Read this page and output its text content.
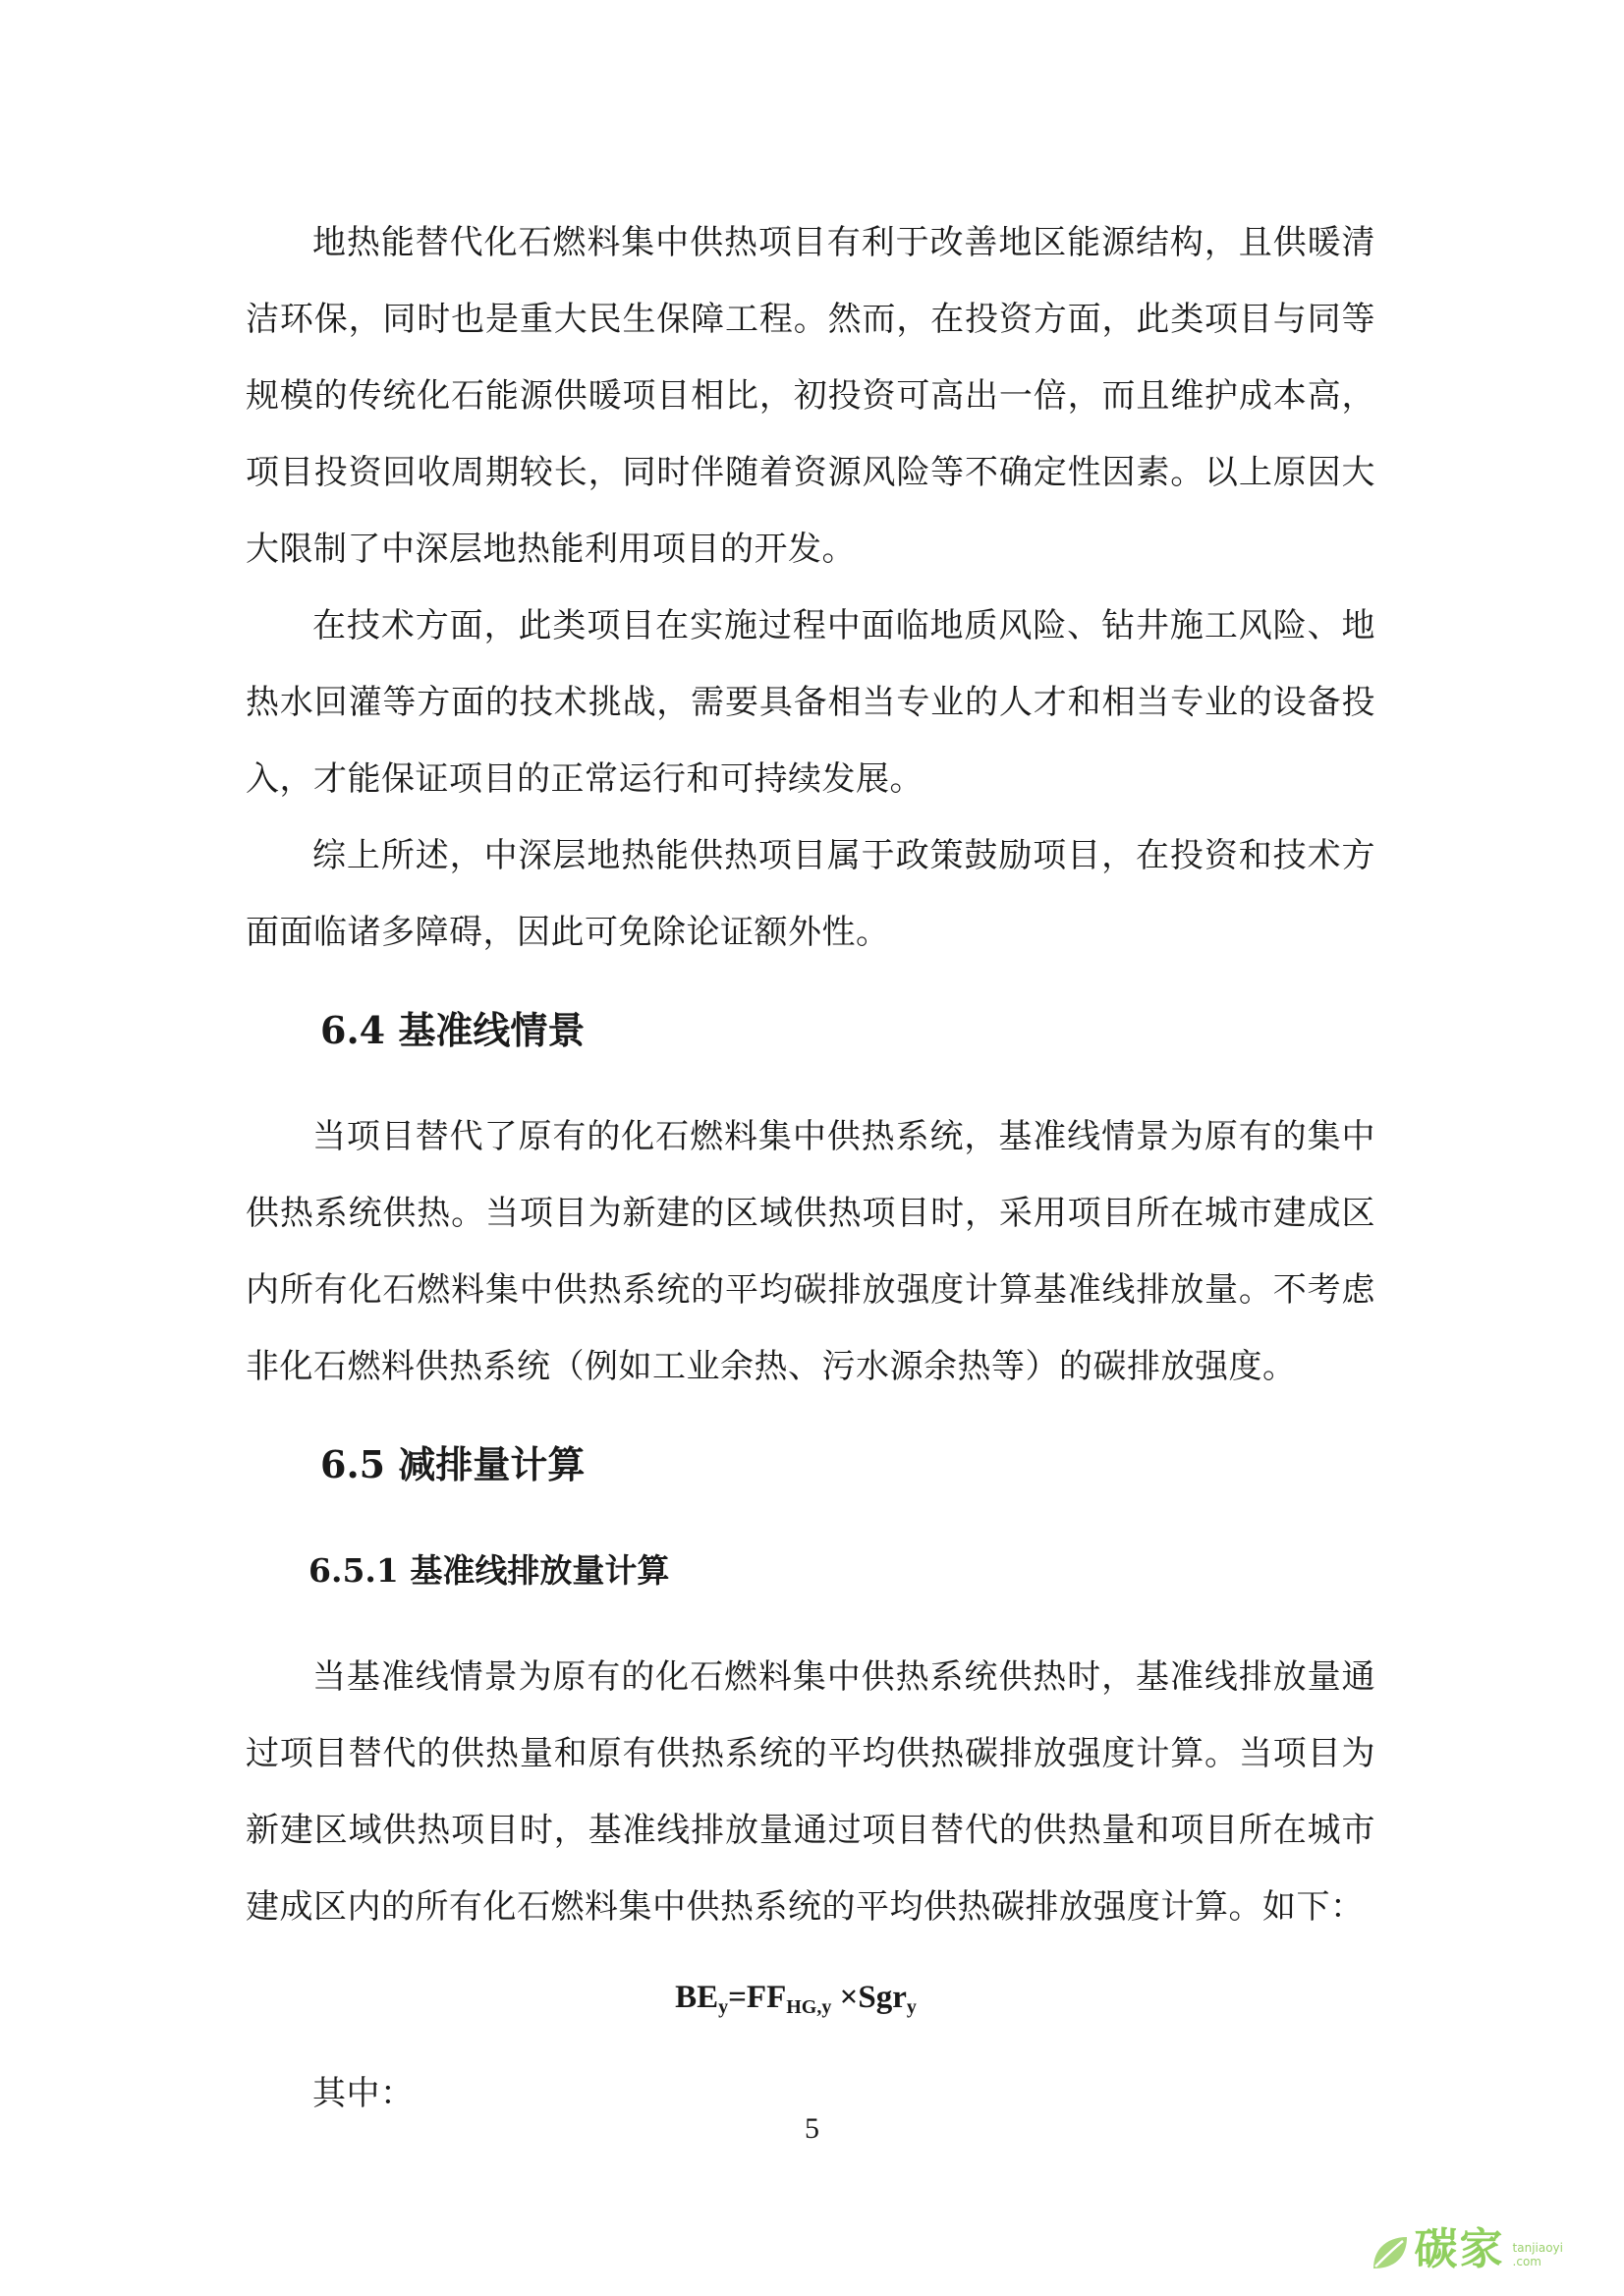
地热能替代化石燃料集中供热项目有利于改善地区能源结构，且供暖清洁环保，同时也是重大民生保障工程。然而，在投资方面，此类项目与同等规模的传统化石能源供暖项目相比，初投资可高出一倍，而且维护成本高，项目投资回收周期较长，同时伴随着资源风险等不确定性因素。以上原因大大限制了中深层地热能利用项目的开发。

在技术方面，此类项目在实施过程中面临地质风险、钻井施工风险、地热水回灌等方面的技术挑战，需要具备相当专业的人才和相当专业的设备投入，才能保证项目的正常运行和可持续发展。

综上所述，中深层地热能供热项目属于政策鼓励项目，在投资和技术方面面临诸多障碍，因此可免除论证额外性。

6.4 基准线情景

当项目替代了原有的化石燃料集中供热系统，基准线情景为原有的集中供热系统供热。当项目为新建的区域供热项目时，采用项目所在城市建成区内所有化石燃料集中供热系统的平均碳排放强度计算基准线排放量。不考虑非化石燃料供热系统（例如工业余热、污水源余热等）的碳排放强度。

6.5 减排量计算
6.5.1 基准线排放量计算

当基准线情景为原有的化石燃料集中供热系统供热时，基准线排放量通过项目替代的供热量和原有供热系统的平均供热碳排放强度计算。当项目为新建区域供热项目时，基准线排放量通过项目替代的供热量和项目所在城市建成区内的所有化石燃料集中供热系统的平均供热碳排放强度计算。如下：

$BE_y=FF_{HG,y} \times Sgr_y$

其中：

5
碳家 tanjiaoyi
.com
